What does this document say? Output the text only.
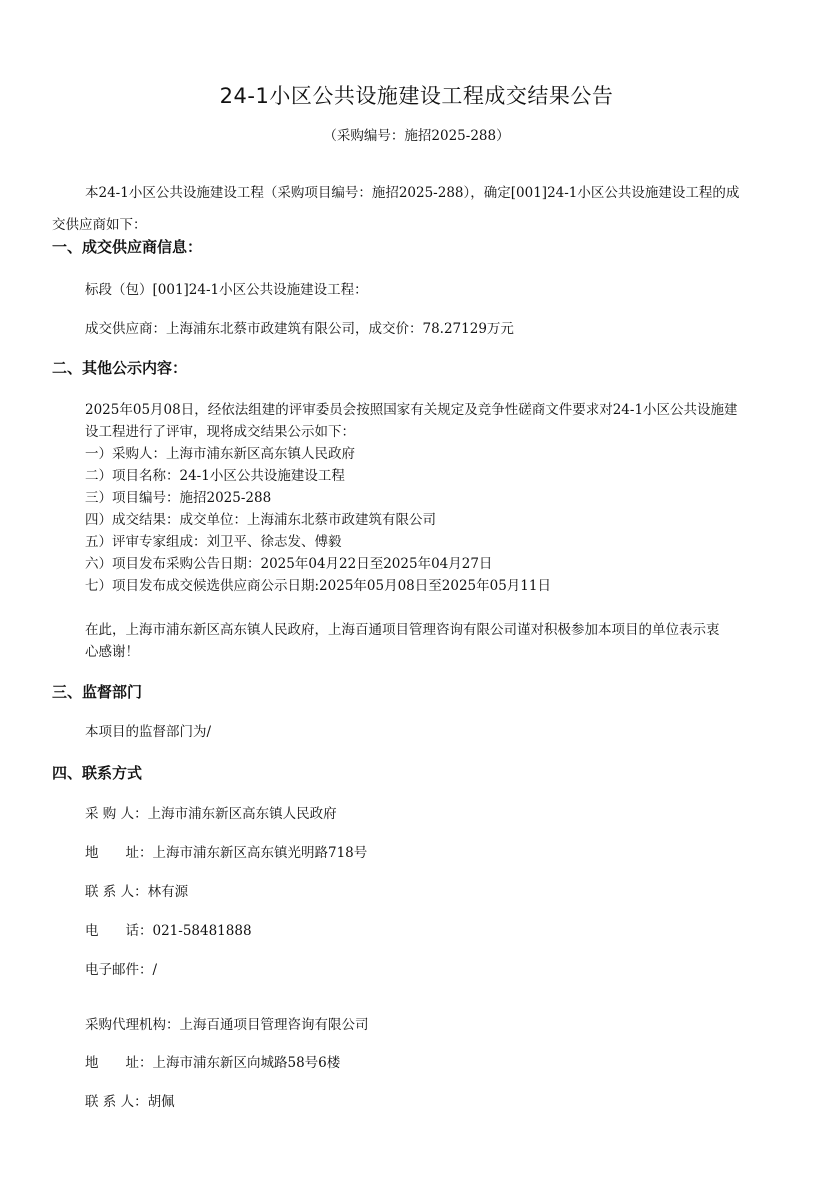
24-1小区公共设施建设工程成交结果公告
（采购编号：施招2025-288）
本24-1小区公共设施建设工程（采购项目编号：施招2025-288），确定[001]24-1小区公共设施建设工程的成
交供应商如下：
一、成交供应商信息：
标段（包）[001]24-1小区公共设施建设工程：
成交供应商：上海浦东北蔡市政建筑有限公司，成交价：78.27129万元
二、其他公示内容：
2025年05月08日，经依法组建的评审委员会按照国家有关规定及竞争性磋商文件要求对24-1小区公共设施建
设工程进行了评审，现将成交结果公示如下：
一）采购人：上海市浦东新区高东镇人民政府
二）项目名称：24-1小区公共设施建设工程
三）项目编号：施招2025-288
四）成交结果：成交单位：上海浦东北蔡市政建筑有限公司
五）评审专家组成：刘卫平、徐志发、傅毅
六）项目发布采购公告日期：2025年04月22日至2025年04月27日
七）项目发布成交候选供应商公示日期:2025年05月08日至2025年05月11日
在此，上海市浦东新区高东镇人民政府，上海百通项目管理咨询有限公司谨对积极参加本项目的单位表示衷
心感谢！
三、监督部门
本项目的监督部门为/
四、联系方式
采 购 人：上海市浦东新区高东镇人民政府
地　　址：上海市浦东新区高东镇光明路718号
联 系 人：林有源
电　　话：021-58481888
电子邮件：/
采购代理机构：上海百通项目管理咨询有限公司
地　　址：上海市浦东新区向城路58号6楼
联 系 人：胡佩
